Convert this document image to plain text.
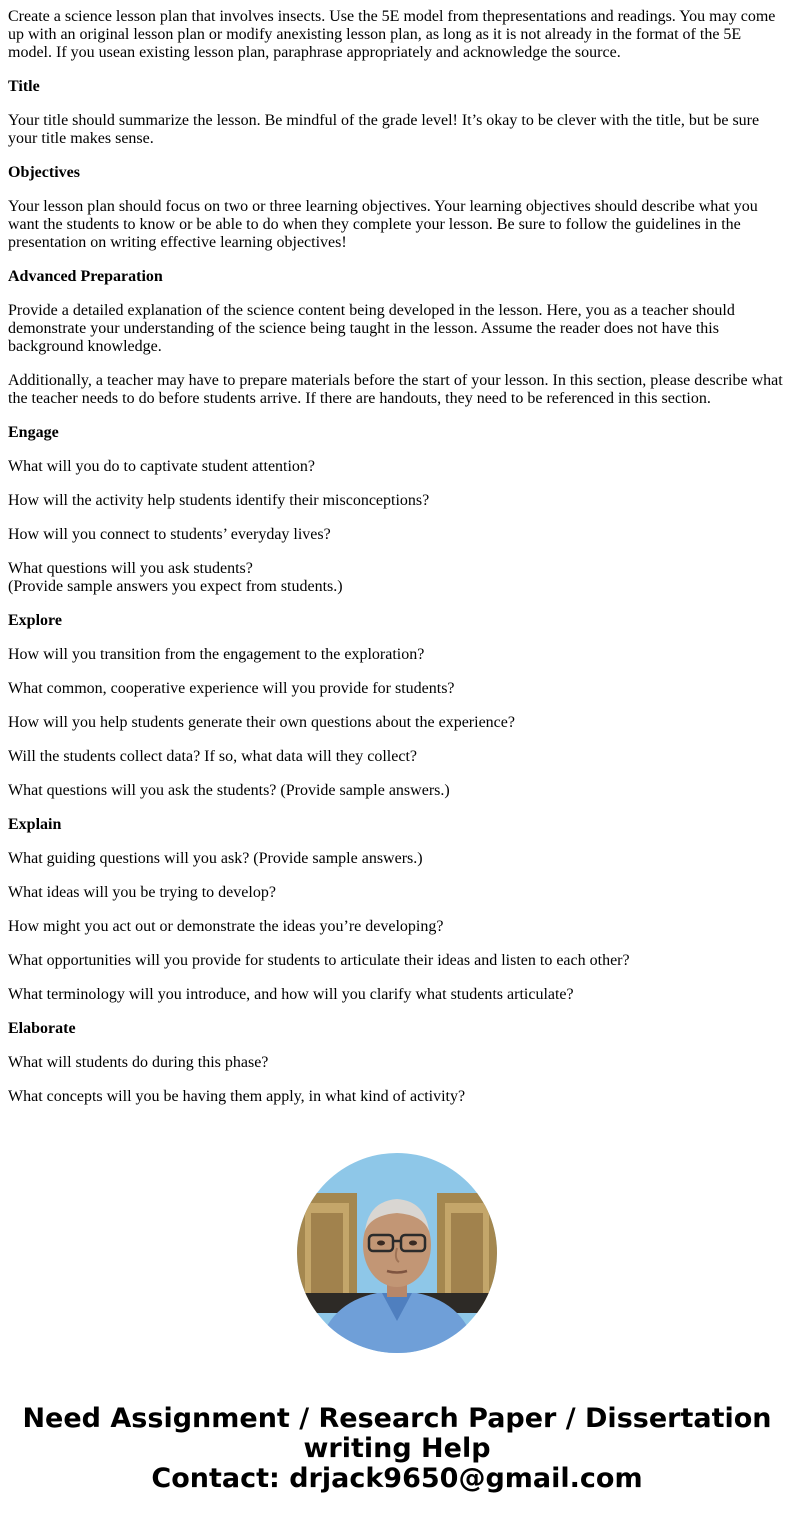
Create a science lesson plan that involves insects. Use the 5E model from thepresentations and readings. You may come up with an original lesson plan or modify anexisting lesson plan, as long as it is not already in the format of the 5E model. If you usean existing lesson plan, paraphrase appropriately and acknowledge the source.

Title

Your title should summarize the lesson. Be mindful of the grade level! It’s okay to be clever with the title, but be sure your title makes sense.

Objectives

Your lesson plan should focus on two or three learning objectives. Your learning objectives should describe what you want the students to know or be able to do when they complete your lesson. Be sure to follow the guidelines in the presentation on writing effective learning objectives!

Advanced Preparation

Provide a detailed explanation of the science content being developed in the lesson. Here, you as a teacher should demonstrate your understanding of the science being taught in the lesson. Assume the reader does not have this background knowledge.

Additionally, a teacher may have to prepare materials before the start of your lesson. In this section, please describe what the teacher needs to do before students arrive. If there are handouts, they need to be referenced in this section.

Engage

What will you do to captivate student attention?

How will the activity help students identify their misconceptions?

How will you connect to students’ everyday lives?

What questions will you ask students?
(Provide sample answers you expect from students.)

Explore

How will you transition from the engagement to the exploration?

What common, cooperative experience will you provide for students?

How will you help students generate their own questions about the experience?

Will the students collect data? If so, what data will they collect?

What questions will you ask the students? (Provide sample answers.)

Explain

What guiding questions will you ask? (Provide sample answers.)

What ideas will you be trying to develop?

How might you act out or demonstrate the ideas you’re developing?

What opportunities will you provide for students to articulate their ideas and listen to each other?

What terminology will you introduce, and how will you clarify what students articulate?

Elaborate

What will students do during this phase?

What concepts will you be having them apply, in what kind of activity?

Need Assignment / Research Paper / Dissertation
writing Help
Contact: drjack9650@gmail.com
